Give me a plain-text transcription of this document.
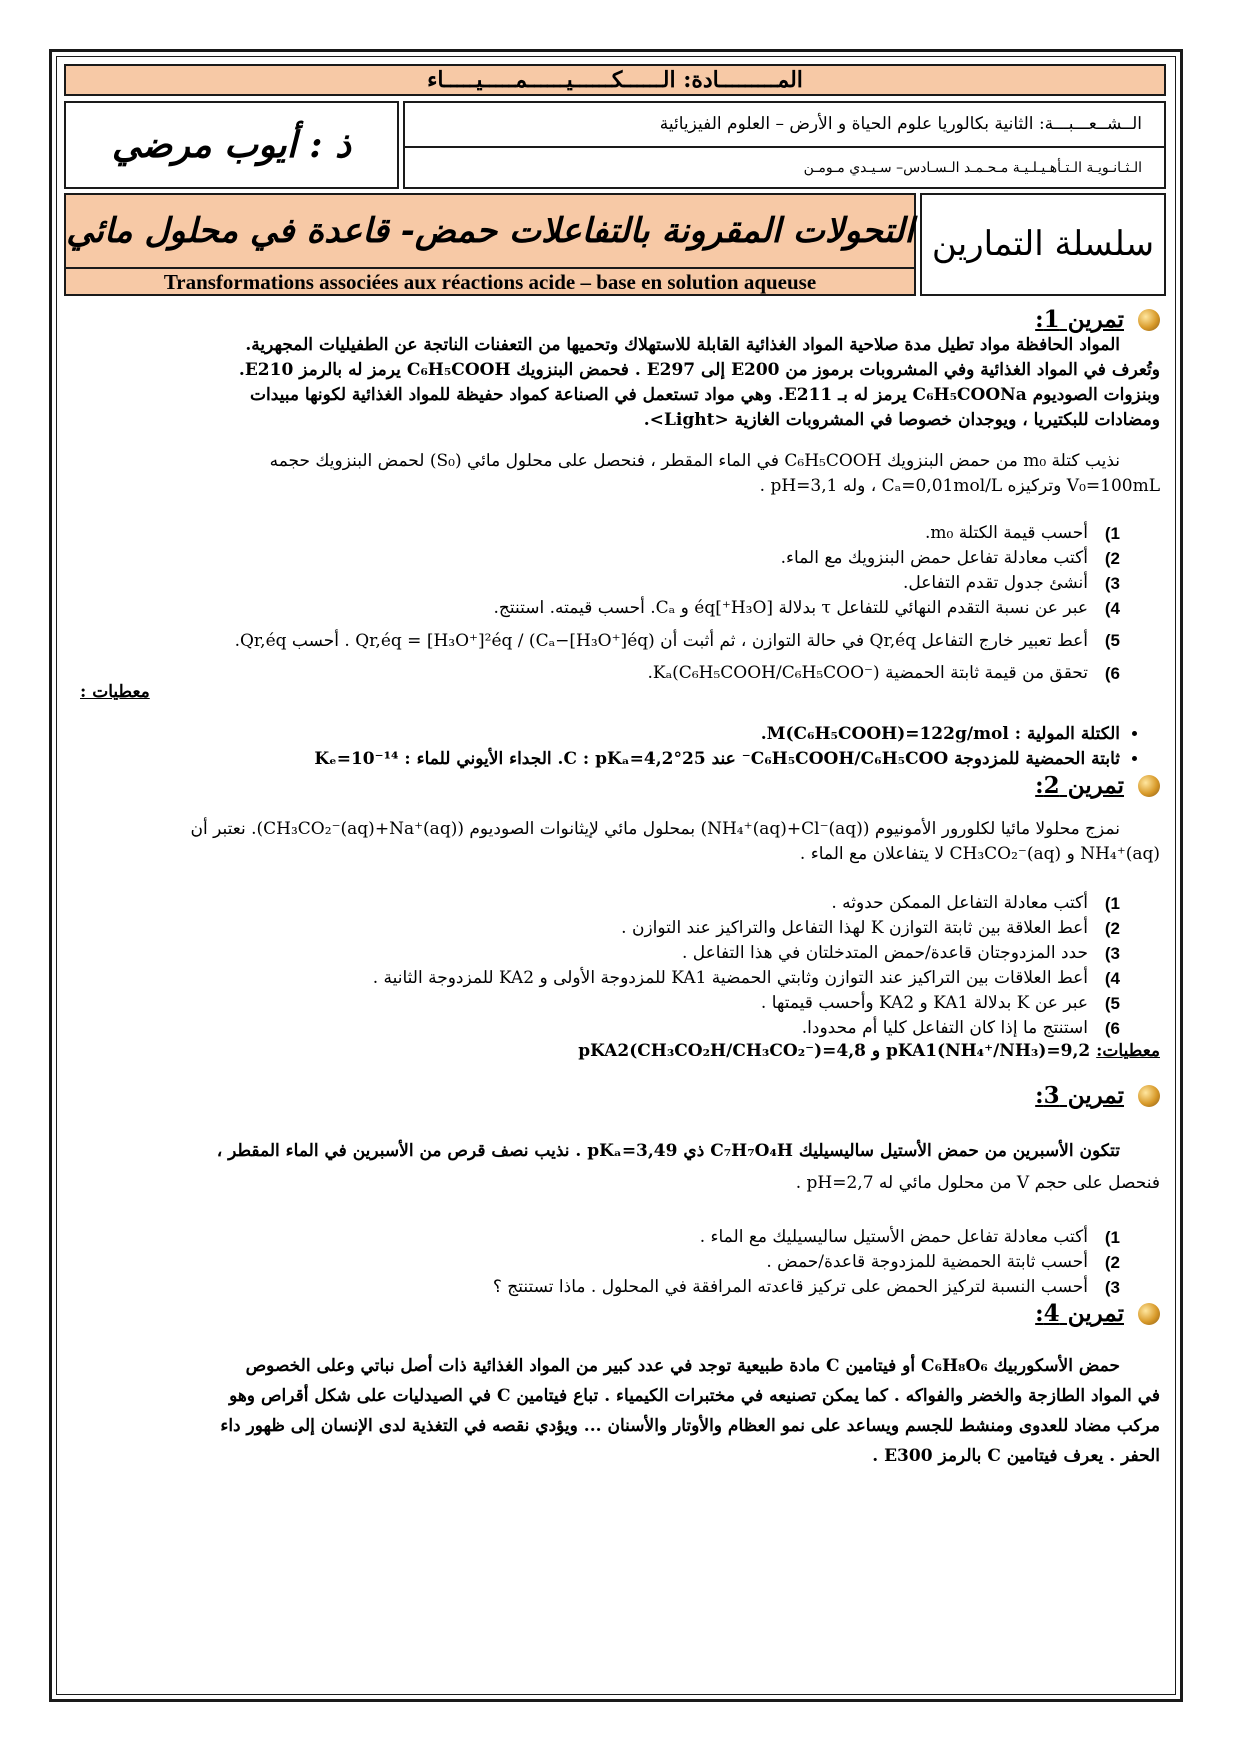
المـــــــــادة: الــــــكــــــيــــــمـــــيـــــاء
ذ : أيوب مرضي	الــشــعـــبـــة: الثانية بكالوريا علوم الحياة و الأرض – العلوم الفيزيائية
الـثـانـويـة الـتـأهـيـلـيـة مـحـمـد الـسـادس– سـيـدي مـومـن
التحولات المقرونة بالتفاعلات حمض- قاعدة في محلول مائي
Transformations associées aux réactions acide – base en solution aqueuse
سلسلة التمارين
تمرين 1:

المواد الحافظة مواد تطيل مدة صلاحية المواد الغذائية القابلة للاستهلاك وتحميها من التعفنات الناتجة عن الطفيليات المجهرية.

وتُعرف في المواد الغذائية وفي المشروبات برموز من E200 إلى E297 . فحمض البنزويك C₆H₅COOH يرمز له بالرمز E210.

وبنزوات الصوديوم C₆H₅COONa يرمز له بـ E211. وهي مواد تستعمل في الصناعة كمواد حفيظة للمواد الغذائية لكونها مبيدات

ومضادات للبكتيريا ، ويوجدان خصوصا في المشروبات الغازية <Light>.

نذيب كتلة m₀ من حمض البنزويك C₆H₅COOH في الماء المقطر ، فنحصل على محلول مائي (S₀) لحمض البنزويك حجمه

V₀=100mL وتركيزه Cₐ=0,01mol/L ، وله pH=3,1 .

1)
أحسب قيمة الكتلة m₀.
2)
أكتب معادلة تفاعل حمض البنزويك مع الماء.
3)
أنشئ جدول تقدم التفاعل.
4)
عبر عن نسبة التقدم النهائي للتفاعل τ بدلالة [H₃O⁺]éq و Cₐ. أحسب قيمته. استنتج.
5)
أعط تعبير خارج التفاعل Qr,éq في حالة التوازن ، ثم أثبت أن Qr,éq = [H₃O⁺]²éq / (Cₐ−[H₃O⁺]éq) . أحسب Qr,éq.
6)
تحقق من قيمة ثابتة الحمضية Kₐ(C₆H₅COOH/C₆H₅COO⁻).
معطيات :
• الكتلة المولية : M(C₆H₅COOH)=122g/mol.
• ثابتة الحمضية للمزدوجة C₆H₅COOH/C₆H₅COO⁻ عند 25°C : pKₐ=4,2. الجداء الأيوني للماء : Kₑ=10⁻¹⁴
تمرين 2:

نمزج محلولا مائيا لكلورور الأمونيوم (NH₄⁺(aq)+Cl⁻(aq)) بمحلول مائي لإيثانوات الصوديوم (CH₃CO₂⁻(aq)+Na⁺(aq)). نعتبر أن

NH₄⁺(aq) و CH₃CO₂⁻(aq) لا يتفاعلان مع الماء .

1)
أكتب معادلة التفاعل الممكن حدوثه .
2)
أعط العلاقة بين ثابتة التوازن K لهذا التفاعل والتراكيز عند التوازن .
3)
حدد المزدوجتان قاعدة/حمض المتدخلتان في هذا التفاعل .
4)
أعط العلاقات بين التراكيز عند التوازن وثابتي الحمضية KA1 للمزدوجة الأولى و KA2 للمزدوجة الثانية .
5)
عبر عن K بدلالة KA1 و KA2 وأحسب قيمتها .
6)
استنتج ما إذا كان التفاعل كليا أم محدودا.
معطيات: pKA1(NH₄⁺/NH₃)=9,2 و pKA2(CH₃CO₂H/CH₃CO₂⁻)=4,8
تمرين 3:

تتكون الأسبرين من حمض الأستيل ساليسيليك C₇H₇O₄H ذي pKₐ=3,49 . نذيب نصف قرص من الأسبرين في الماء المقطر ،

فنحصل على حجم V من محلول مائي له pH=2,7 .

1)
أكتب معادلة تفاعل حمض الأستيل ساليسيليك مع الماء .
2)
أحسب ثابتة الحمضية للمزدوجة قاعدة/حمض .
3)
أحسب النسبة لتركيز الحمض على تركيز قاعدته المرافقة في المحلول . ماذا تستنتج ؟
تمرين 4:

حمض الأسكوربيك C₆H₈O₆ أو فيتامين C مادة طبيعية توجد في عدد كبير من المواد الغذائية ذات أصل نباتي وعلى الخصوص

في المواد الطازجة والخضر والفواكه . كما يمكن تصنيعه في مختبرات الكيمياء . تباع فيتامين C في الصيدليات على شكل أقراص وهو

مركب مضاد للعدوى ومنشط للجسم ويساعد على نمو العظام والأوتار والأسنان ... ويؤدي نقصه في التغذية لدى الإنسان إلى ظهور داء

الحفر . يعرف فيتامين C بالرمز E300 .
